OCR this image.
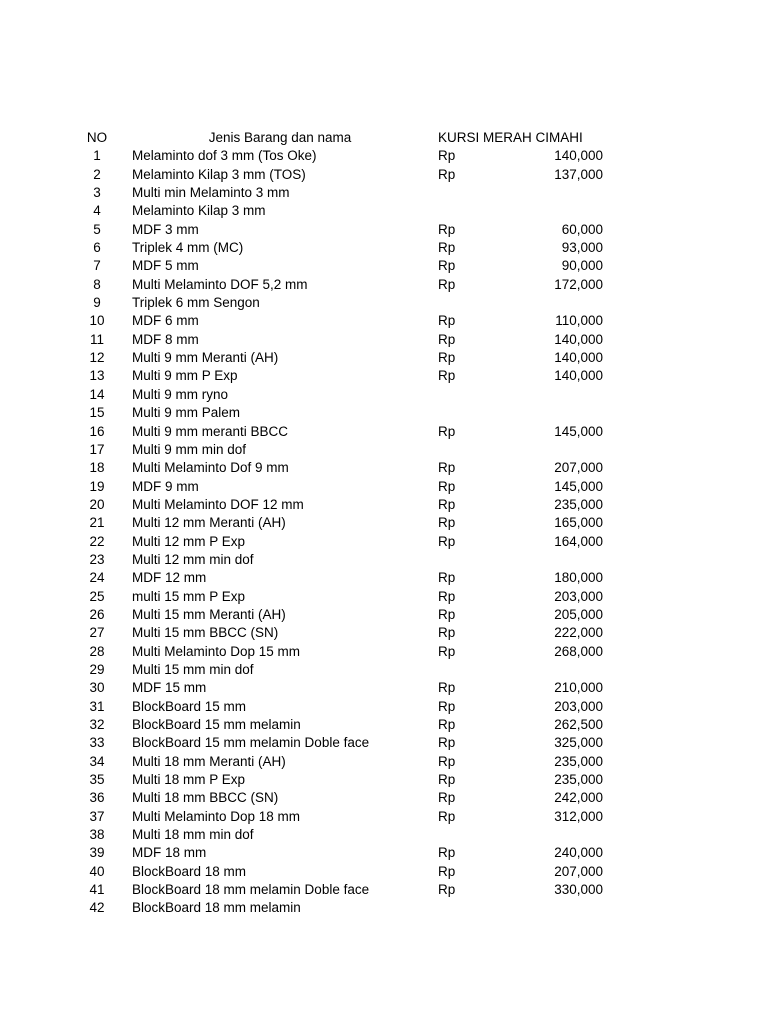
NO	Jenis Barang dan nama	KURSI MERAH CIMAHI
1	Melaminto dof 3 mm (Tos Oke)	Rp	140,000
2	Melaminto Kilap 3 mm (TOS)	Rp	137,000
3	Multi min Melaminto 3 mm
4	Melaminto Kilap 3 mm
5	MDF 3 mm	Rp	60,000
6	Triplek 4 mm (MC)	Rp	93,000
7	MDF 5 mm	Rp	90,000
8	Multi Melaminto DOF 5,2 mm	Rp	172,000
9	Triplek 6 mm Sengon
10	MDF 6 mm	Rp	110,000
11	MDF 8 mm	Rp	140,000
12	Multi 9 mm Meranti (AH)	Rp	140,000
13	Multi 9 mm P Exp	Rp	140,000
14	Multi 9 mm ryno
15	Multi 9 mm Palem
16	Multi 9 mm meranti BBCC	Rp	145,000
17	Multi 9 mm min dof
18	Multi Melaminto Dof 9 mm	Rp	207,000
19	MDF 9 mm	Rp	145,000
20	Multi Melaminto DOF 12 mm	Rp	235,000
21	Multi 12 mm Meranti (AH)	Rp	165,000
22	Multi 12 mm P Exp	Rp	164,000
23	Multi 12 mm min dof
24	MDF 12 mm	Rp	180,000
25	multi 15 mm P Exp	Rp	203,000
26	Multi 15 mm Meranti (AH)	Rp	205,000
27	Multi 15 mm BBCC (SN)	Rp	222,000
28	Multi Melaminto Dop 15 mm	Rp	268,000
29	Multi 15 mm min dof
30	MDF 15 mm	Rp	210,000
31	BlockBoard 15 mm	Rp	203,000
32	BlockBoard 15 mm melamin	Rp	262,500
33	BlockBoard 15 mm melamin Doble face	Rp	325,000
34	Multi 18 mm Meranti (AH)	Rp	235,000
35	Multi 18 mm P Exp	Rp	235,000
36	Multi 18 mm BBCC (SN)	Rp	242,000
37	Multi Melaminto Dop 18 mm	Rp	312,000
38	Multi 18 mm min dof
39	MDF 18 mm	Rp	240,000
40	BlockBoard 18 mm	Rp	207,000
41	BlockBoard 18 mm melamin Doble face	Rp	330,000
42	BlockBoard 18 mm melamin
